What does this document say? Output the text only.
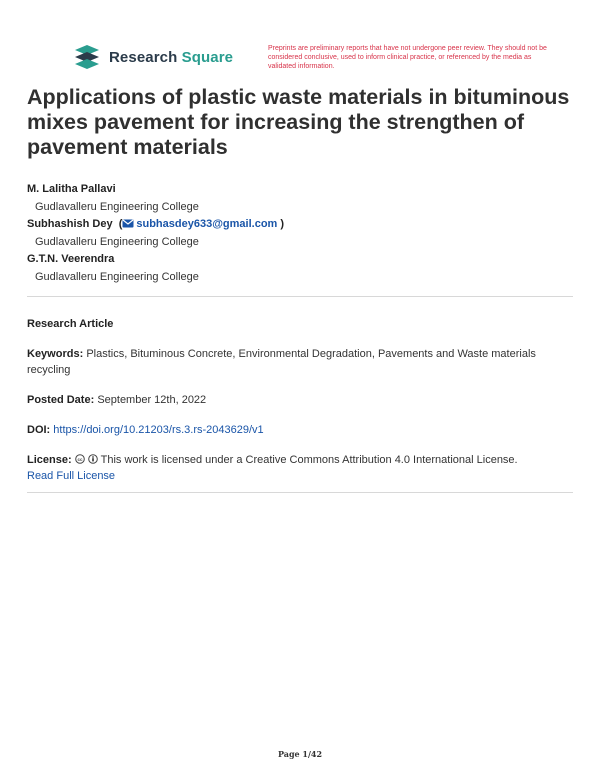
Research Square	Preprints are preliminary reports that have not undergone peer review. They should not be considered conclusive, used to inform clinical practice, or referenced by the media as validated information.
Applications of plastic waste materials in bituminous mixes pavement for increasing the strengthen of pavement materials
M. Lalitha Pallavi
Gudlavalleru Engineering College
Subhashish Dey  ( subhasdey633@gmail.com )
Gudlavalleru Engineering College
G.T.N. Veerendra
Gudlavalleru Engineering College
Research Article
Keywords: Plastics, Bituminous Concrete, Environmental Degradation, Pavements and Waste materials recycling
Posted Date: September 12th, 2022
DOI: https://doi.org/10.21203/rs.3.rs-2043629/v1
License: cc This work is licensed under a Creative Commons Attribution 4.0 International License.
Read Full License
Page 1/42
